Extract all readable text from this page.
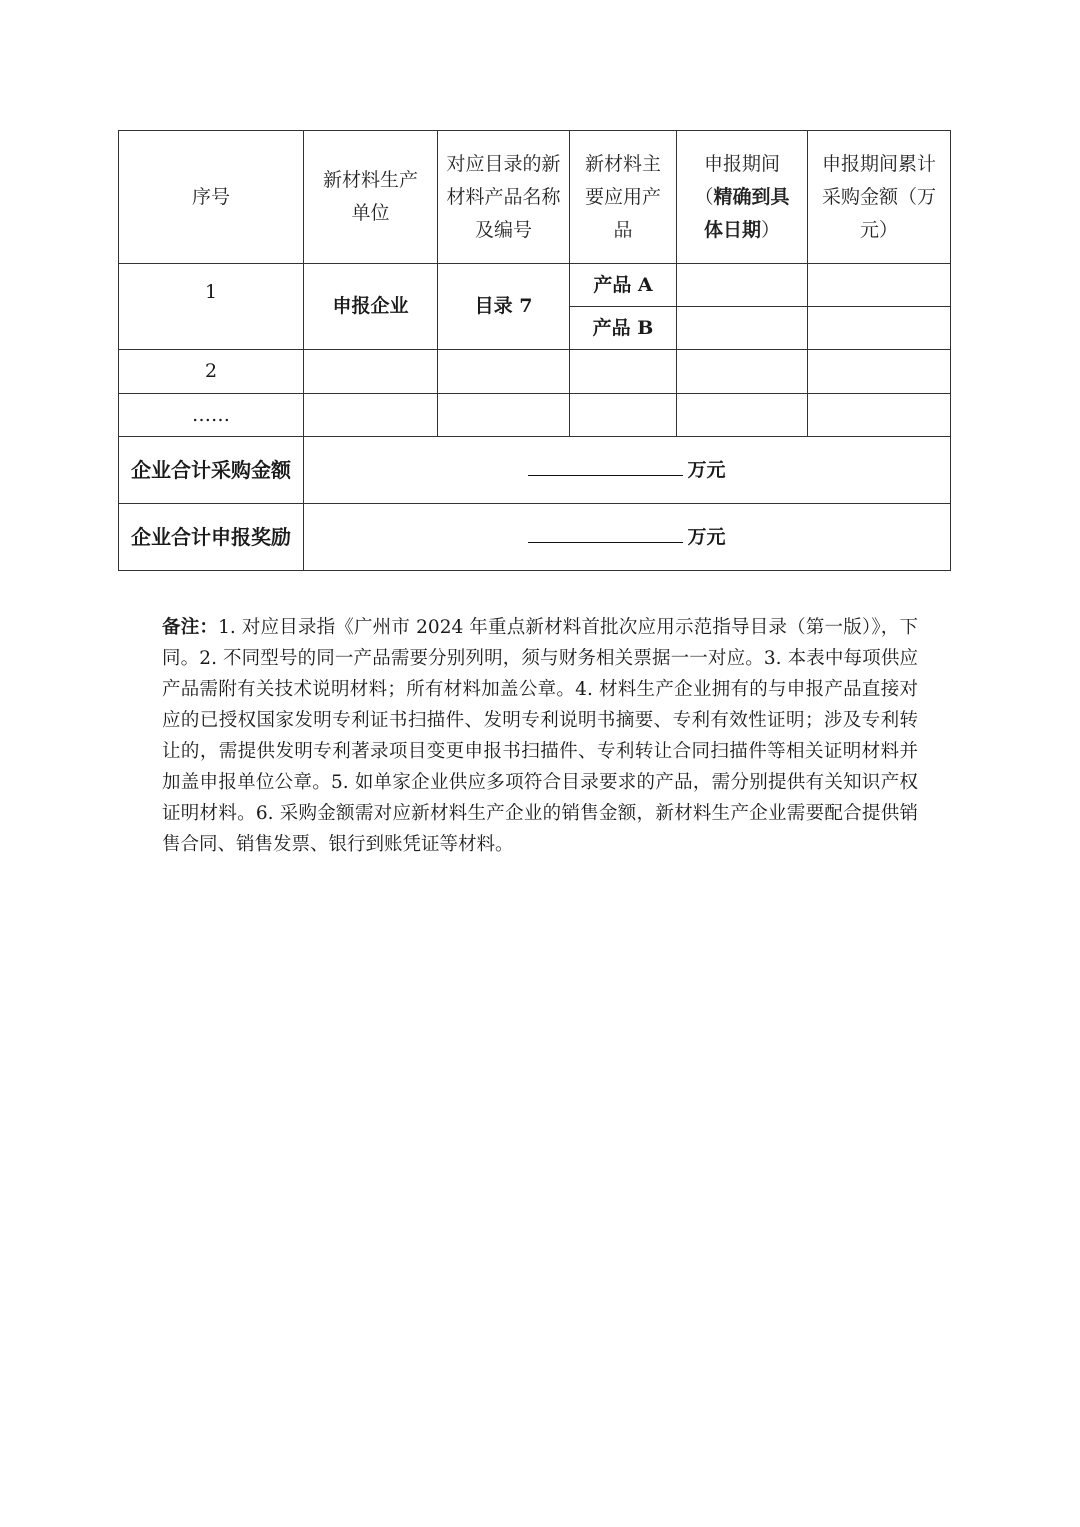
序号	新材料生产单位	对应目录的新材料产品名称及编号	新材料主要应用产品	申报期间（精确到具体日期）	申报期间累计采购金额（万元）
1	申报企业	目录 7	产品 A		
			产品 B		
2					
……					
企业合计采购金额	万元				
企业合计申报奖励	万元				
备注：1. 对应目录指《广州市 2024 年重点新材料首批次应用示范指导目录（第一版）》，下同。2. 不同型号的同一产品需要分别列明，须与财务相关票据一一对应。3. 本表中每项供应产品需附有关技术说明材料；所有材料加盖公章。4. 材料生产企业拥有的与申报产品直接对应的已授权国家发明专利证书扫描件、发明专利说明书摘要、专利有效性证明；涉及专利转让的，需提供发明专利著录项目变更申报书扫描件、专利转让合同扫描件等相关证明材料并加盖申报单位公章。5. 如单家企业供应多项符合目录要求的产品，需分别提供有关知识产权证明材料。6. 采购金额需对应新材料生产企业的销售金额，新材料生产企业需要配合提供销售合同、销售发票、银行到账凭证等材料。
